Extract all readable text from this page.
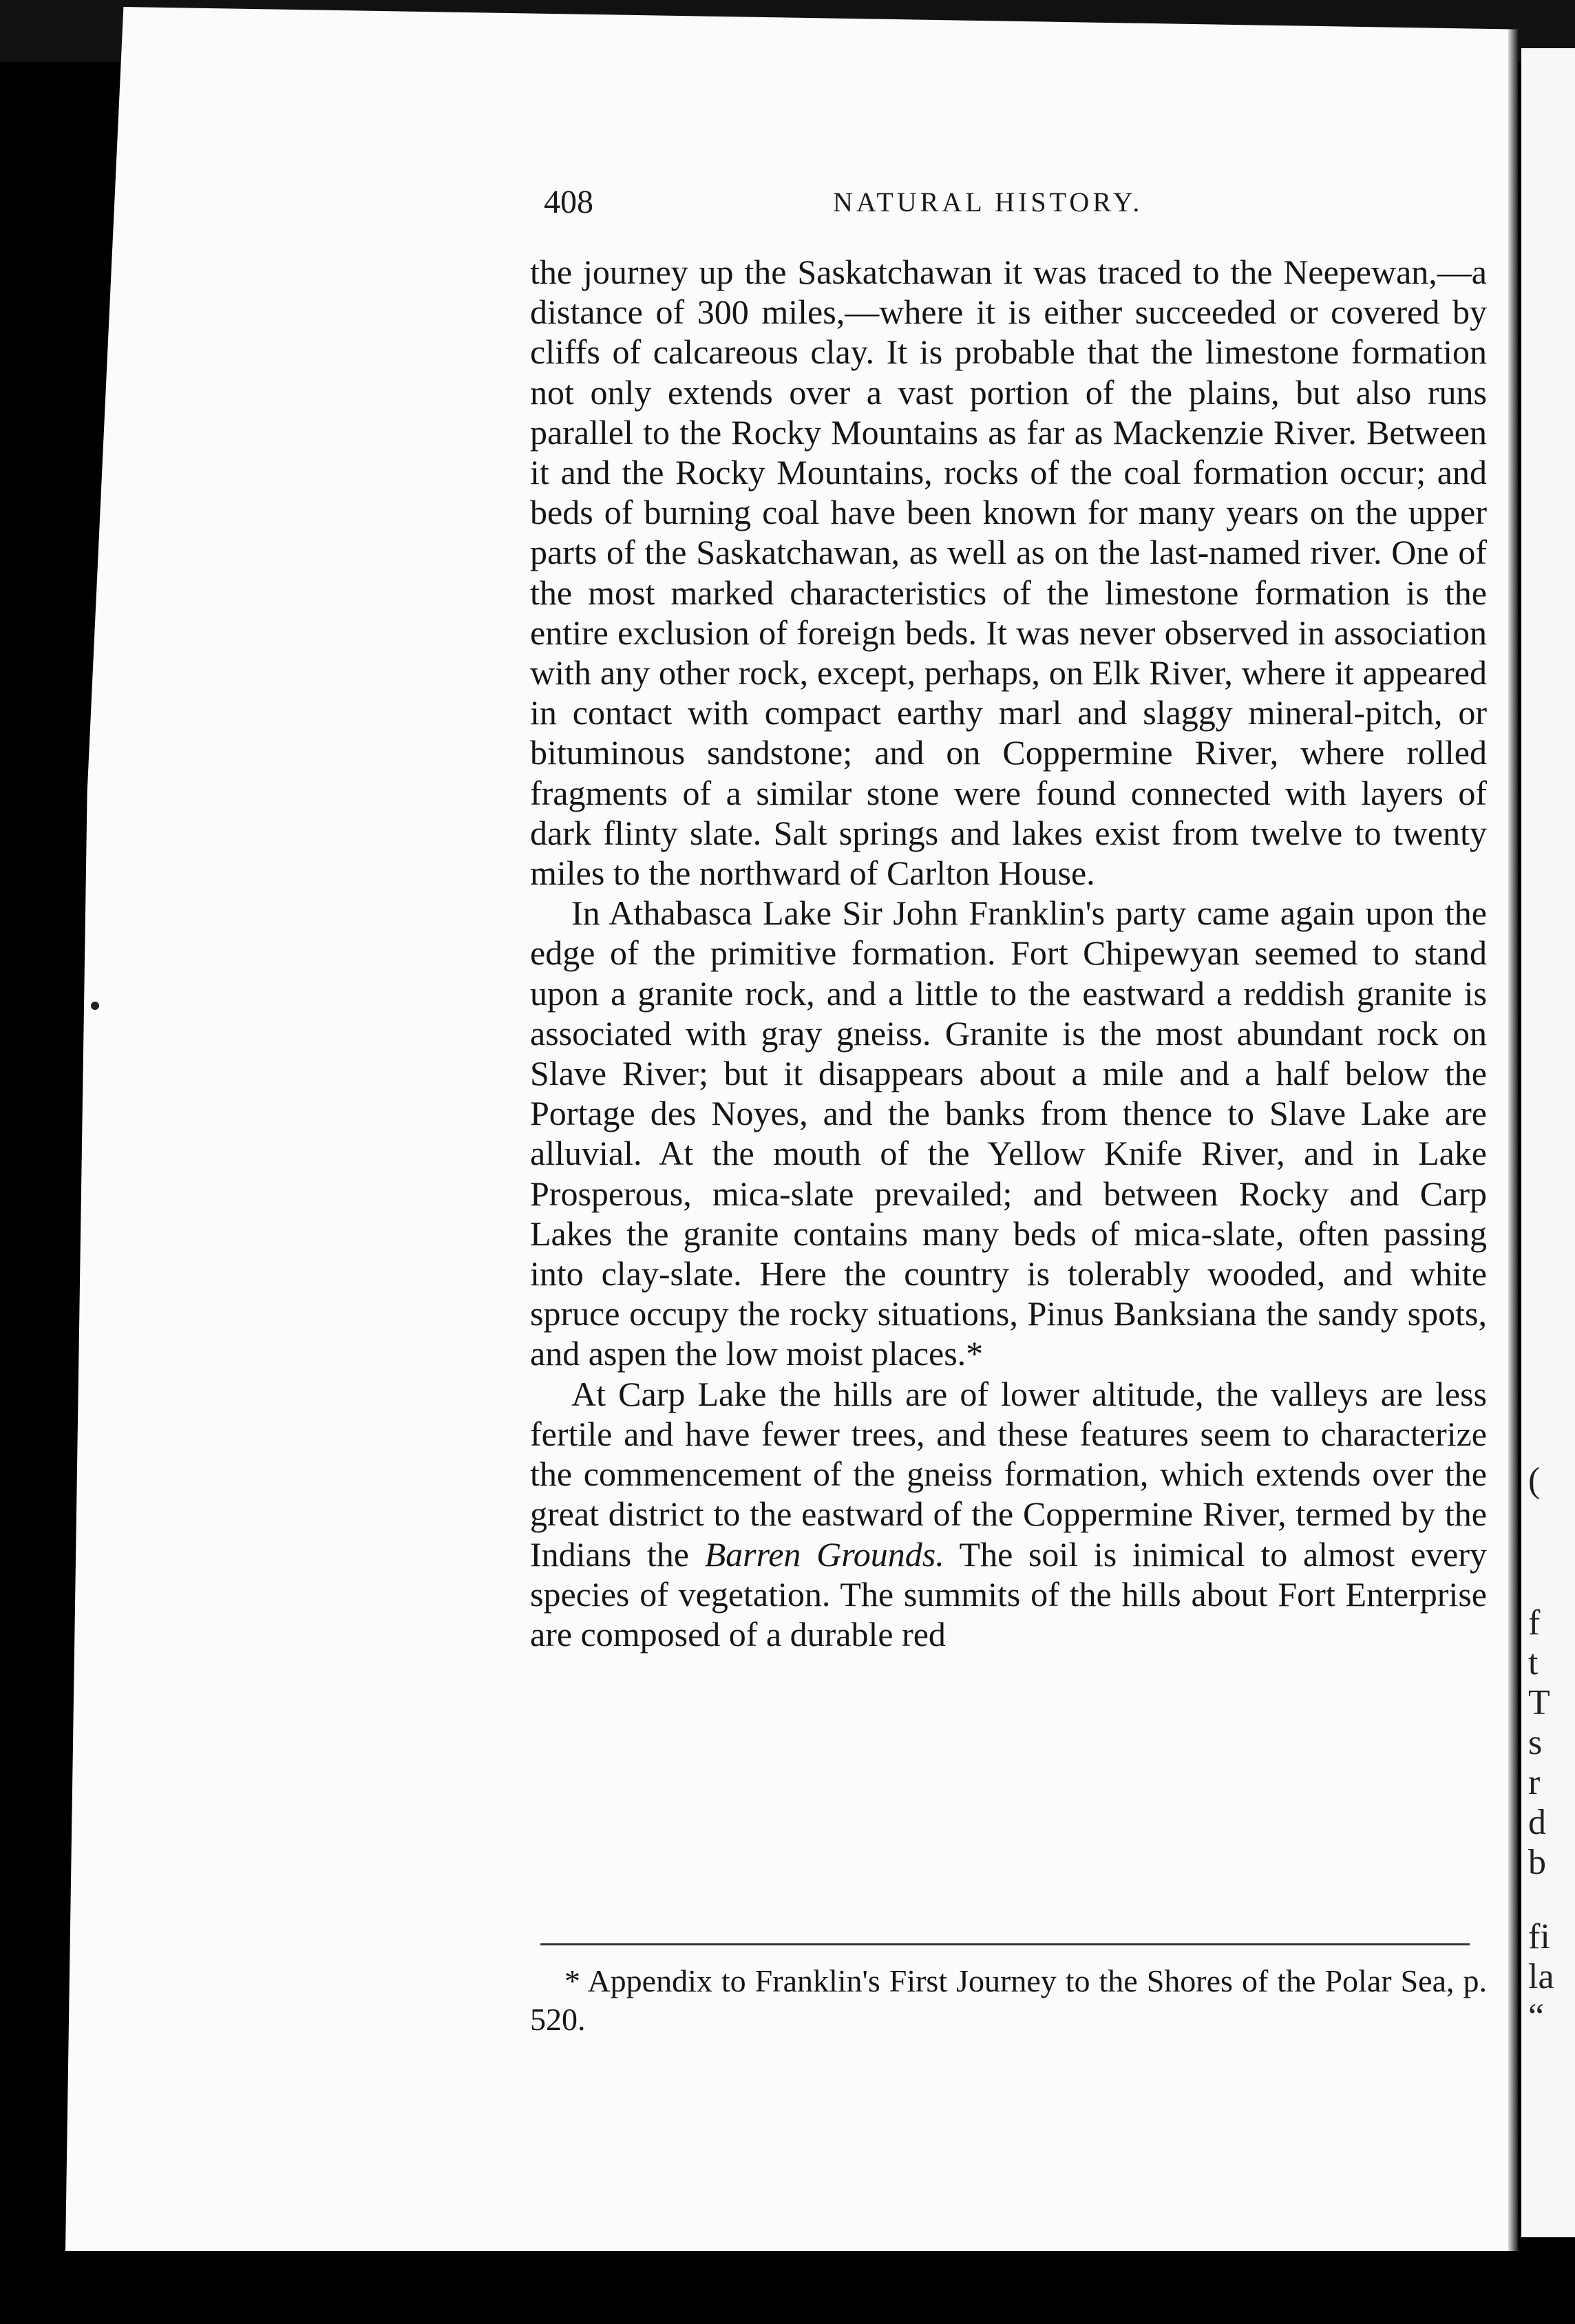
(
f
t
T
s
r
d
b
fi
la
“
408	NATURAL HISTORY.

the journey up the Saskatchawan it was traced to the Neepewan,—a distance of 300 miles,—where it is either succeeded or covered by cliffs of calcareous clay. It is probable that the limestone formation not only extends over a vast portion of the plains, but also runs parallel to the Rocky Mountains as far as Mackenzie River. Between it and the Rocky Mountains, rocks of the coal formation occur; and beds of burning coal have been known for many years on the upper parts of the Saskatchawan, as well as on the last-named river. One of the most marked characteristics of the limestone formation is the entire exclusion of foreign beds. It was never observed in association with any other rock, except, perhaps, on Elk River, where it appeared in contact with compact earthy marl and slaggy mineral-pitch, or bituminous sandstone; and on Coppermine River, where rolled fragments of a similar stone were found connected with layers of dark flinty slate. Salt springs and lakes exist from twelve to twenty miles to the northward of Carlton House.

In Athabasca Lake Sir John Franklin's party came again upon the edge of the primitive formation. Fort Chipewyan seemed to stand upon a granite rock, and a little to the eastward a reddish granite is associated with gray gneiss. Granite is the most abundant rock on Slave River; but it disappears about a mile and a half below the Portage des Noyes, and the banks from thence to Slave Lake are alluvial. At the mouth of the Yellow Knife River, and in Lake Prosperous, mica-slate prevailed; and between Rocky and Carp Lakes the granite contains many beds of mica-slate, often passing into clay-slate. Here the country is tolerably wooded, and white spruce occupy the rocky situations, Pinus Banksiana the sandy spots, and aspen the low moist places.*

At Carp Lake the hills are of lower altitude, the valleys are less fertile and have fewer trees, and these features seem to characterize the commencement of the gneiss formation, which extends over the great district to the eastward of the Coppermine River, termed by the Indians the Barren Grounds. The soil is inimical to almost every species of vegetation. The summits of the hills about Fort Enterprise are composed of a durable red

* Appendix to Franklin's First Journey to the Shores of the Polar Sea, p. 520.
